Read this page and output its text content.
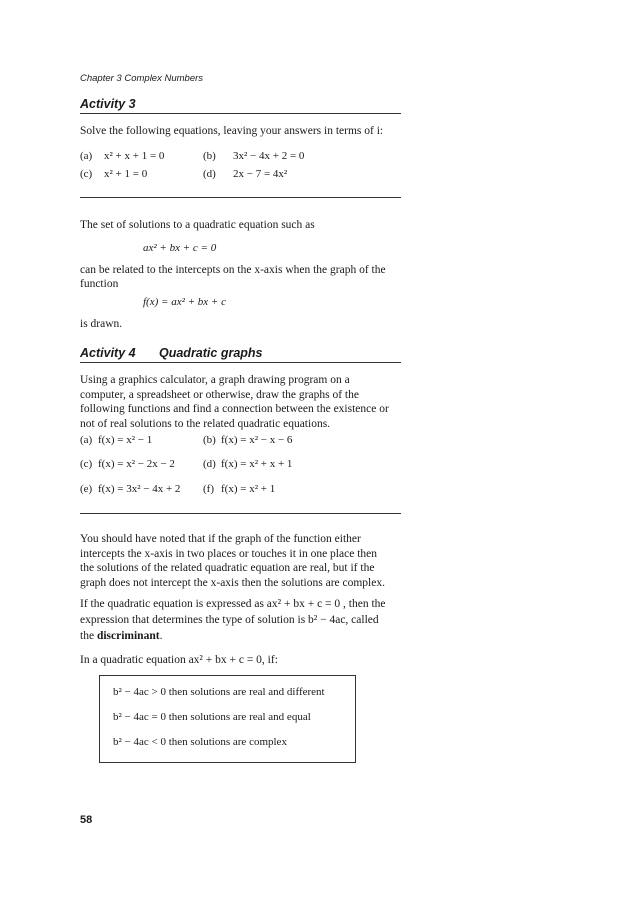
Chapter 3 Complex Numbers
Activity 3
Solve the following equations, leaving your answers in terms of i:
(a) x² + x + 1 = 0	(b) 3x² − 4x + 2 = 0
(c) x² + 1 = 0	(d) 2x − 7 = 4x²
The set of solutions to a quadratic equation such as
ax² + bx + c = 0
can be related to the intercepts on the x-axis when the graph of the
function
f(x) = ax² + bx + c
is drawn.
Activity 4 Quadratic graphs

Using a graphics calculator, a graph drawing program on a

computer, a spreadsheet or otherwise, draw the graphs of the

following functions and find a connection between the existence or

not of real solutions to the related quadratic equations.

(a) f(x) = x² − 1	(b) f(x) = x² − x − 6
(c) f(x) = x² − 2x − 2	(d) f(x) = x² + x + 1
(e) f(x) = 3x² − 4x + 2 (f) f(x) = x² + 1

You should have noted that if the graph of the function either

intercepts the x-axis in two places or touches it in one place then

the solutions of the related quadratic equation are real, but if the

graph does not intercept the x-axis then the solutions are complex.

If the quadratic equation is expressed as ax² + bx + c = 0 , then the
expression that determines the type of solution is b² − 4ac, called
the discriminant.
In a quadratic equation ax² + bx + c = 0, if:
b² − 4ac > 0 then solutions are real and different
b² − 4ac = 0 then solutions are real and equal
b² − 4ac < 0 then solutions are complex
58
